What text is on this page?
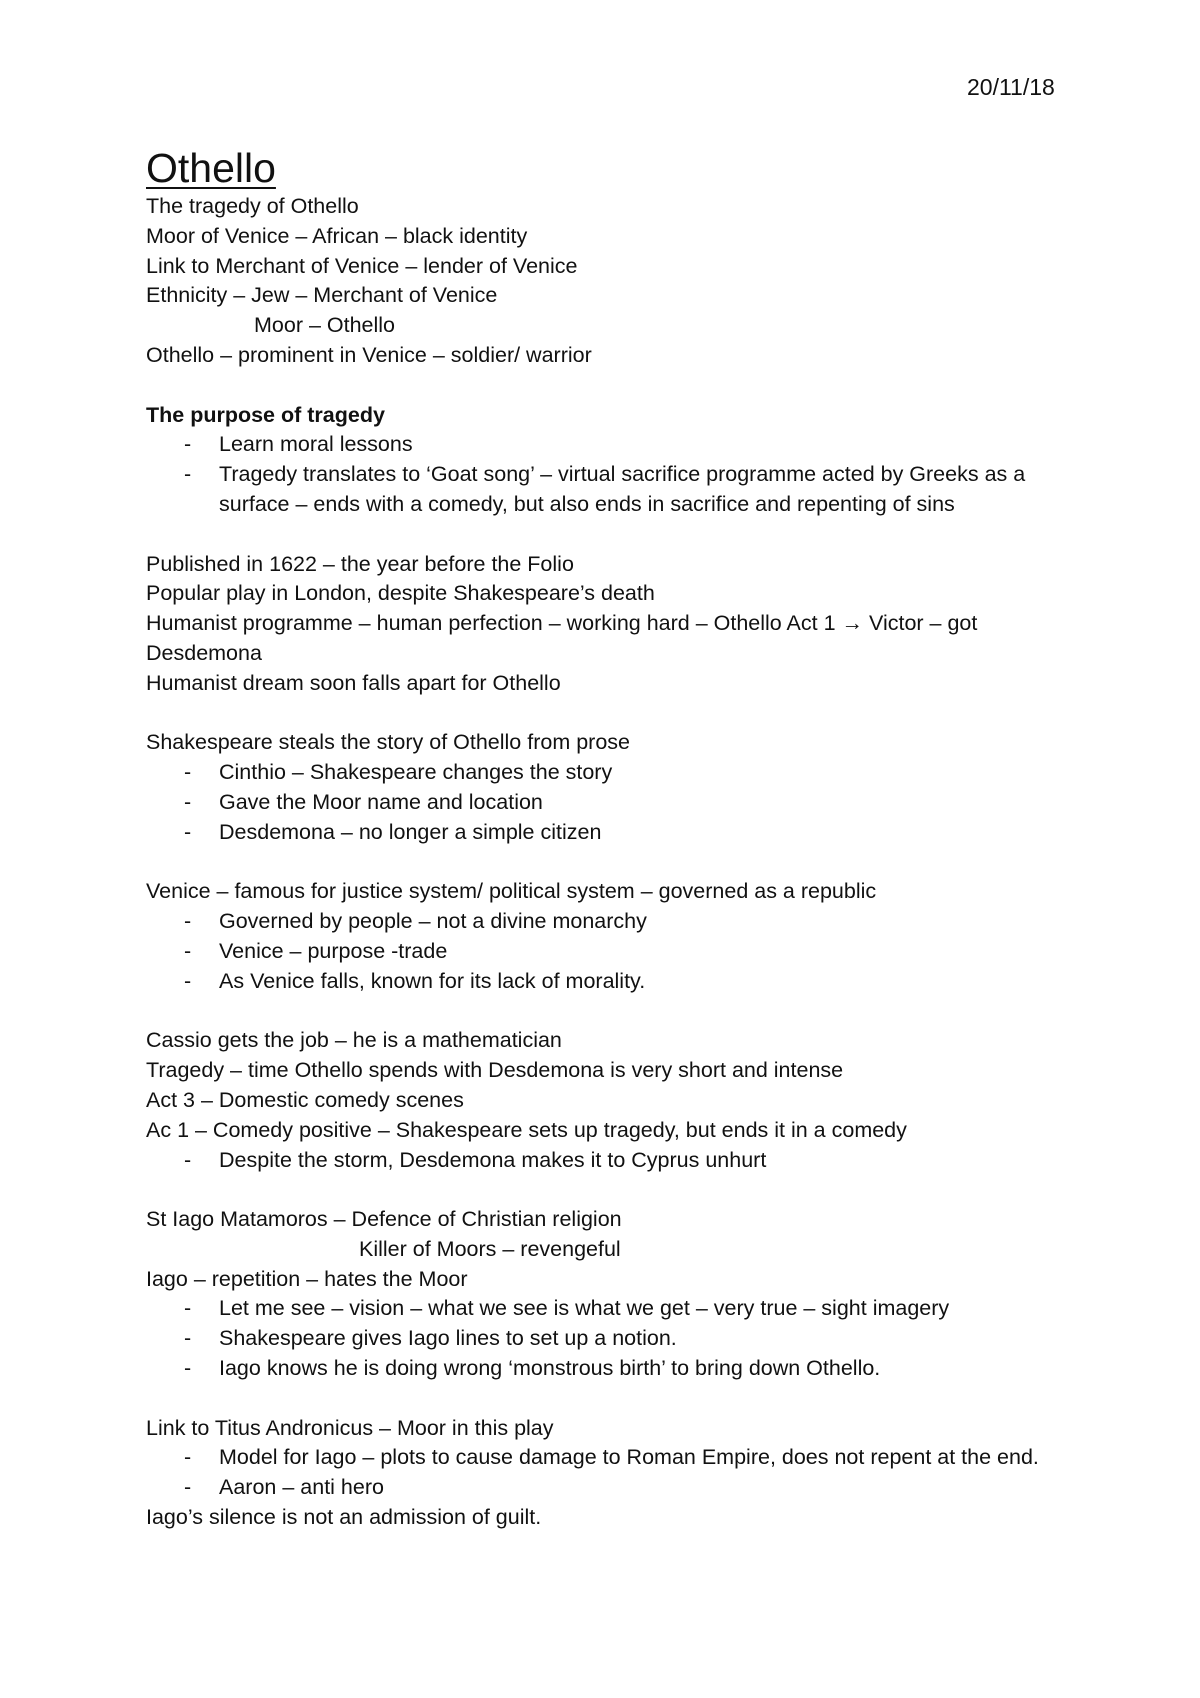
20/11/18
Othello

The tragedy of Othello

Moor of Venice – African – black identity

Link to Merchant of Venice – lender of Venice

Ethnicity – Jew – Merchant of Venice

Moor – Othello

Othello – prominent in Venice – soldier/ warrior

The purpose of tragedy

- Learn moral lessons

- Tragedy translates to ‘Goat song’ – virtual sacrifice programme acted by Greeks as a surface – ends with a comedy, but also ends in sacrifice and repenting of sins

Published in 1622 – the year before the Folio

Popular play in London, despite Shakespeare’s death

Humanist programme – human perfection – working hard – Othello Act 1 → Victor – got Desdemona

Humanist dream soon falls apart for Othello

Shakespeare steals the story of Othello from prose

- Cinthio – Shakespeare changes the story

- Gave the Moor name and location

- Desdemona – no longer a simple citizen

Venice – famous for justice system/ political system – governed as a republic

- Governed by people – not a divine monarchy

- Venice – purpose -trade

- As Venice falls, known for its lack of morality.

Cassio gets the job – he is a mathematician

Tragedy – time Othello spends with Desdemona is very short and intense

Act 3 – Domestic comedy scenes

Ac 1 – Comedy positive – Shakespeare sets up tragedy, but ends it in a comedy

- Despite the storm, Desdemona makes it to Cyprus unhurt

St Iago Matamoros – Defence of Christian religion

Killer of Moors – revengeful

Iago – repetition – hates the Moor

- Let me see – vision – what we see is what we get – very true – sight imagery

- Shakespeare gives Iago lines to set up a notion.

- Iago knows he is doing wrong ‘monstrous birth’ to bring down Othello.

Link to Titus Andronicus – Moor in this play

- Model for Iago – plots to cause damage to Roman Empire, does not repent at the end.

- Aaron – anti hero

Iago’s silence is not an admission of guilt.
